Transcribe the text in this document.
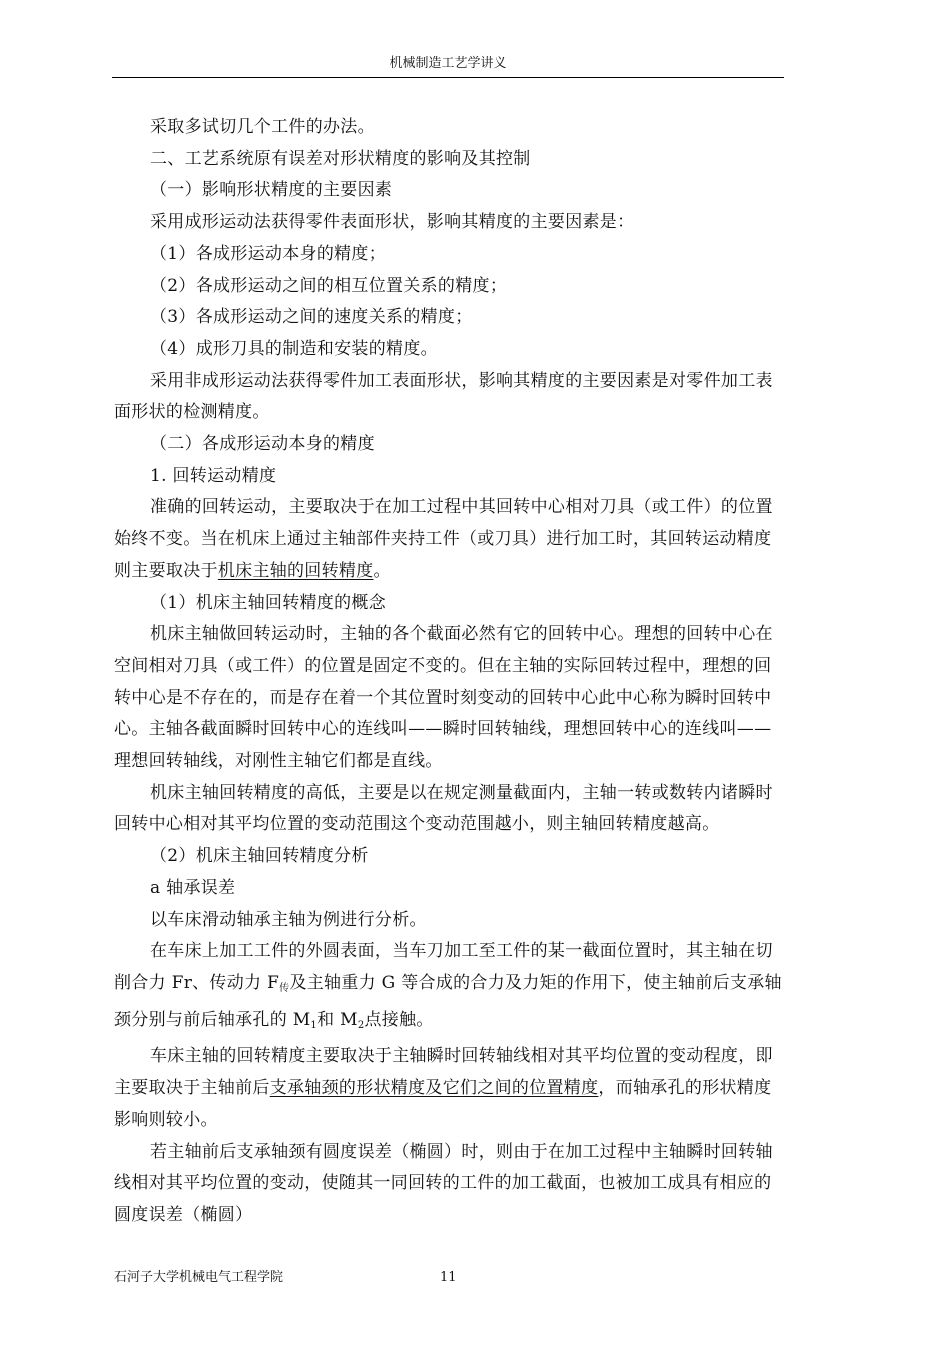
机械制造工艺学讲义

采取多试切几个工件的办法。

二、工艺系统原有误差对形状精度的影响及其控制

（一）影响形状精度的主要因素

采用成形运动法获得零件表面形状，影响其精度的主要因素是：

（1）各成形运动本身的精度；

（2）各成形运动之间的相互位置关系的精度；

（3）各成形运动之间的速度关系的精度；

（4）成形刀具的制造和安装的精度。

采用非成形运动法获得零件加工表面形状，影响其精度的主要因素是对零件加工表面形状的检测精度。

（二）各成形运动本身的精度

1. 回转运动精度

准确的回转运动，主要取决于在加工过程中其回转中心相对刀具（或工件）的位置始终不变。当在机床上通过主轴部件夹持工件（或刀具）进行加工时，其回转运动精度则主要取决于机床主轴的回转精度。

（1）机床主轴回转精度的概念

机床主轴做回转运动时，主轴的各个截面必然有它的回转中心。理想的回转中心在空间相对刀具（或工件）的位置是固定不变的。但在主轴的实际回转过程中，理想的回转中心是不存在的，而是存在着一个其位置时刻变动的回转中心此中心称为瞬时回转中心。主轴各截面瞬时回转中心的连线叫——瞬时回转轴线，理想回转中心的连线叫——理想回转轴线，对刚性主轴它们都是直线。

机床主轴回转精度的高低，主要是以在规定测量截面内，主轴一转或数转内诸瞬时回转中心相对其平均位置的变动范围这个变动范围越小，则主轴回转精度越高。

（2）机床主轴回转精度分析

a 轴承误差

以车床滑动轴承主轴为例进行分析。

在车床上加工工件的外圆表面，当车刀加工至工件的某一截面位置时，其主轴在切削合力 Fr、传动力 $F_传$及主轴重力 G 等合成的合力及力矩的作用下，使主轴前后支承轴颈分别与前后轴承孔的 $M_1$和 $M_2$点接触。

车床主轴的回转精度主要取决于主轴瞬时回转轴线相对其平均位置的变动程度，即主要取决于主轴前后支承轴颈的形状精度及它们之间的位置精度，而轴承孔的形状精度影响则较小。

若主轴前后支承轴颈有圆度误差（椭圆）时，则由于在加工过程中主轴瞬时回转轴线相对其平均位置的变动，使随其一同回转的工件的加工截面，也被加工成具有相应的圆度误差（椭圆）

石河子大学机械电气工程学院	11
